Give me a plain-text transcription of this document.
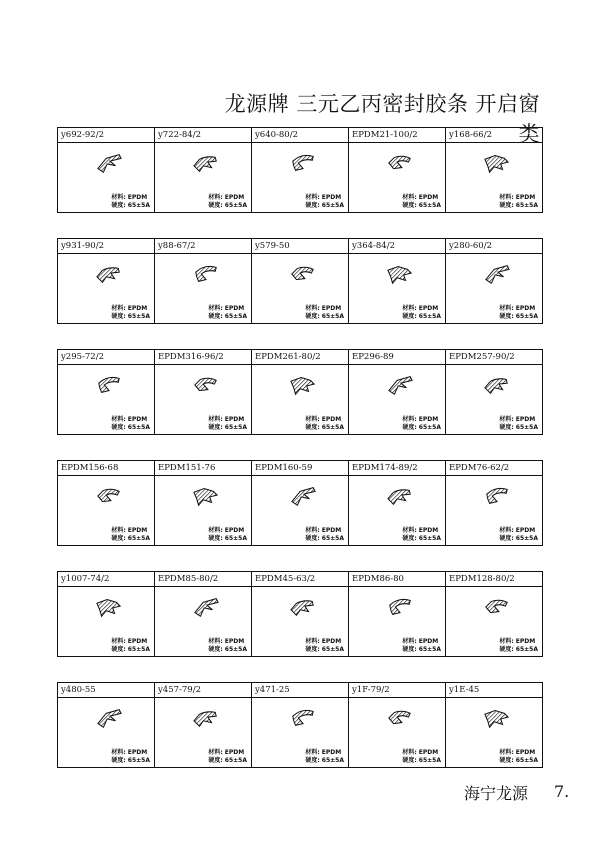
龙源牌 三元乙丙密封胶条 开启窗类
y692-92/2
材料: EPDM
硬度: 65±5A
y722-84/2
材料: EPDM
硬度: 65±5A
y640-80/2
材料: EPDM
硬度: 65±5A
EPDM21-100/2
材料: EPDM
硬度: 65±5A
y168-66/2
材料: EPDM
硬度: 65±5A
y931-90/2
材料: EPDM
硬度: 65±5A
y88-67/2
材料: EPDM
硬度: 65±5A
y579-50
材料: EPDM
硬度: 65±5A
y364-84/2
材料: EPDM
硬度: 65±5A
y280-60/2
材料: EPDM
硬度: 65±5A
y295-72/2
材料: EPDM
硬度: 65±5A
EPDM316-96/2
材料: EPDM
硬度: 65±5A
EPDM261-80/2
材料: EPDM
硬度: 65±5A
EP296-89
材料: EPDM
硬度: 65±5A
EPDM257-90/2
材料: EPDM
硬度: 65±5A
EPDM156-68
材料: EPDM
硬度: 65±5A
EPDM151-76
材料: EPDM
硬度: 65±5A
EPDM160-59
材料: EPDM
硬度: 65±5A
EPDM174-89/2
材料: EPDM
硬度: 65±5A
EPDM76-62/2
材料: EPDM
硬度: 65±5A
y1007-74/2
材料: EPDM
硬度: 65±5A
EPDM85-80/2
材料: EPDM
硬度: 65±5A
EPDM45-63/2
材料: EPDM
硬度: 65±5A
EPDM86-80
材料: EPDM
硬度: 65±5A
EPDM128-80/2
材料: EPDM
硬度: 65±5A
y480-55
材料: EPDM
硬度: 65±5A
y457-79/2
材料: EPDM
硬度: 65±5A
y471-25
材料: EPDM
硬度: 65±5A
y1F-79/2
材料: EPDM
硬度: 65±5A
y1E-45
材料: EPDM
硬度: 65±5A
海宁龙源 7.
